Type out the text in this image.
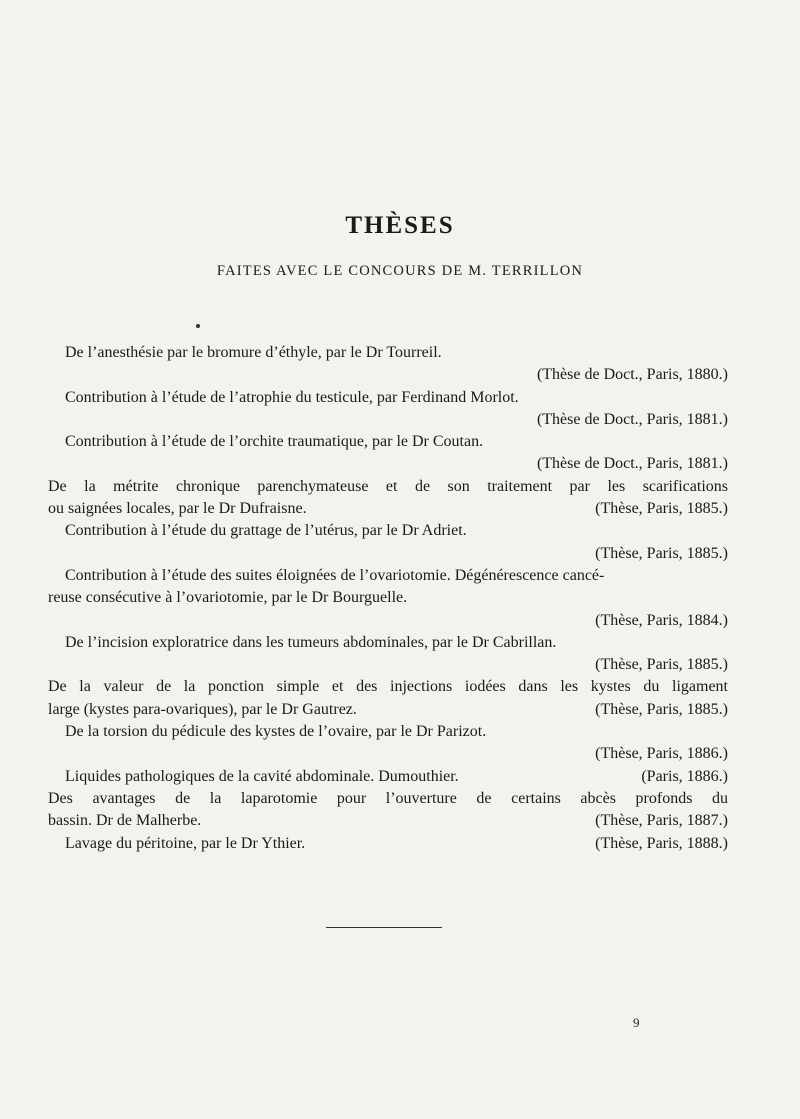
THÈSES
FAITES AVEC LE CONCOURS DE M. TERRILLON
De l’anesthésie par le bromure d’éthyle, par le Dr Tourreil.
(Thèse de Doct., Paris, 1880.)
Contribution à l’étude de l’atrophie du testicule, par Ferdinand Morlot.
(Thèse de Doct., Paris, 1881.)
Contribution à l’étude de l’orchite traumatique, par le Dr Coutan.
(Thèse de Doct., Paris, 1881.)
De la métrite chronique parenchymateuse et de son traitement par les scarifications
(Thèse, Paris, 1885.)
ou saignées locales, par le Dr Dufraisne.
Contribution à l’étude du grattage de l’utérus, par le Dr Adriet.
(Thèse, Paris, 1885.)
Contribution à l’étude des suites éloignées de l’ovariotomie. Dégénérescence cancé-
reuse consécutive à l’ovariotomie, par le Dr Bourguelle.
(Thèse, Paris, 1884.)
De l’incision exploratrice dans les tumeurs abdominales, par le Dr Cabrillan.
(Thèse, Paris, 1885.)
De la valeur de la ponction simple et des injections iodées dans les kystes du ligament
(Thèse, Paris, 1885.)
large (kystes para-ovariques), par le Dr Gautrez.
De la torsion du pédicule des kystes de l’ovaire, par le Dr Parizot.
(Thèse, Paris, 1886.)
(Paris, 1886.)
Liquides pathologiques de la cavité abdominale. Dumouthier.
Des avantages de la laparotomie pour l’ouverture de certains abcès profonds du
(Thèse, Paris, 1887.)
bassin. Dr de Malherbe.
(Thèse, Paris, 1888.)
Lavage du péritoine, par le Dr Ythier.
9
